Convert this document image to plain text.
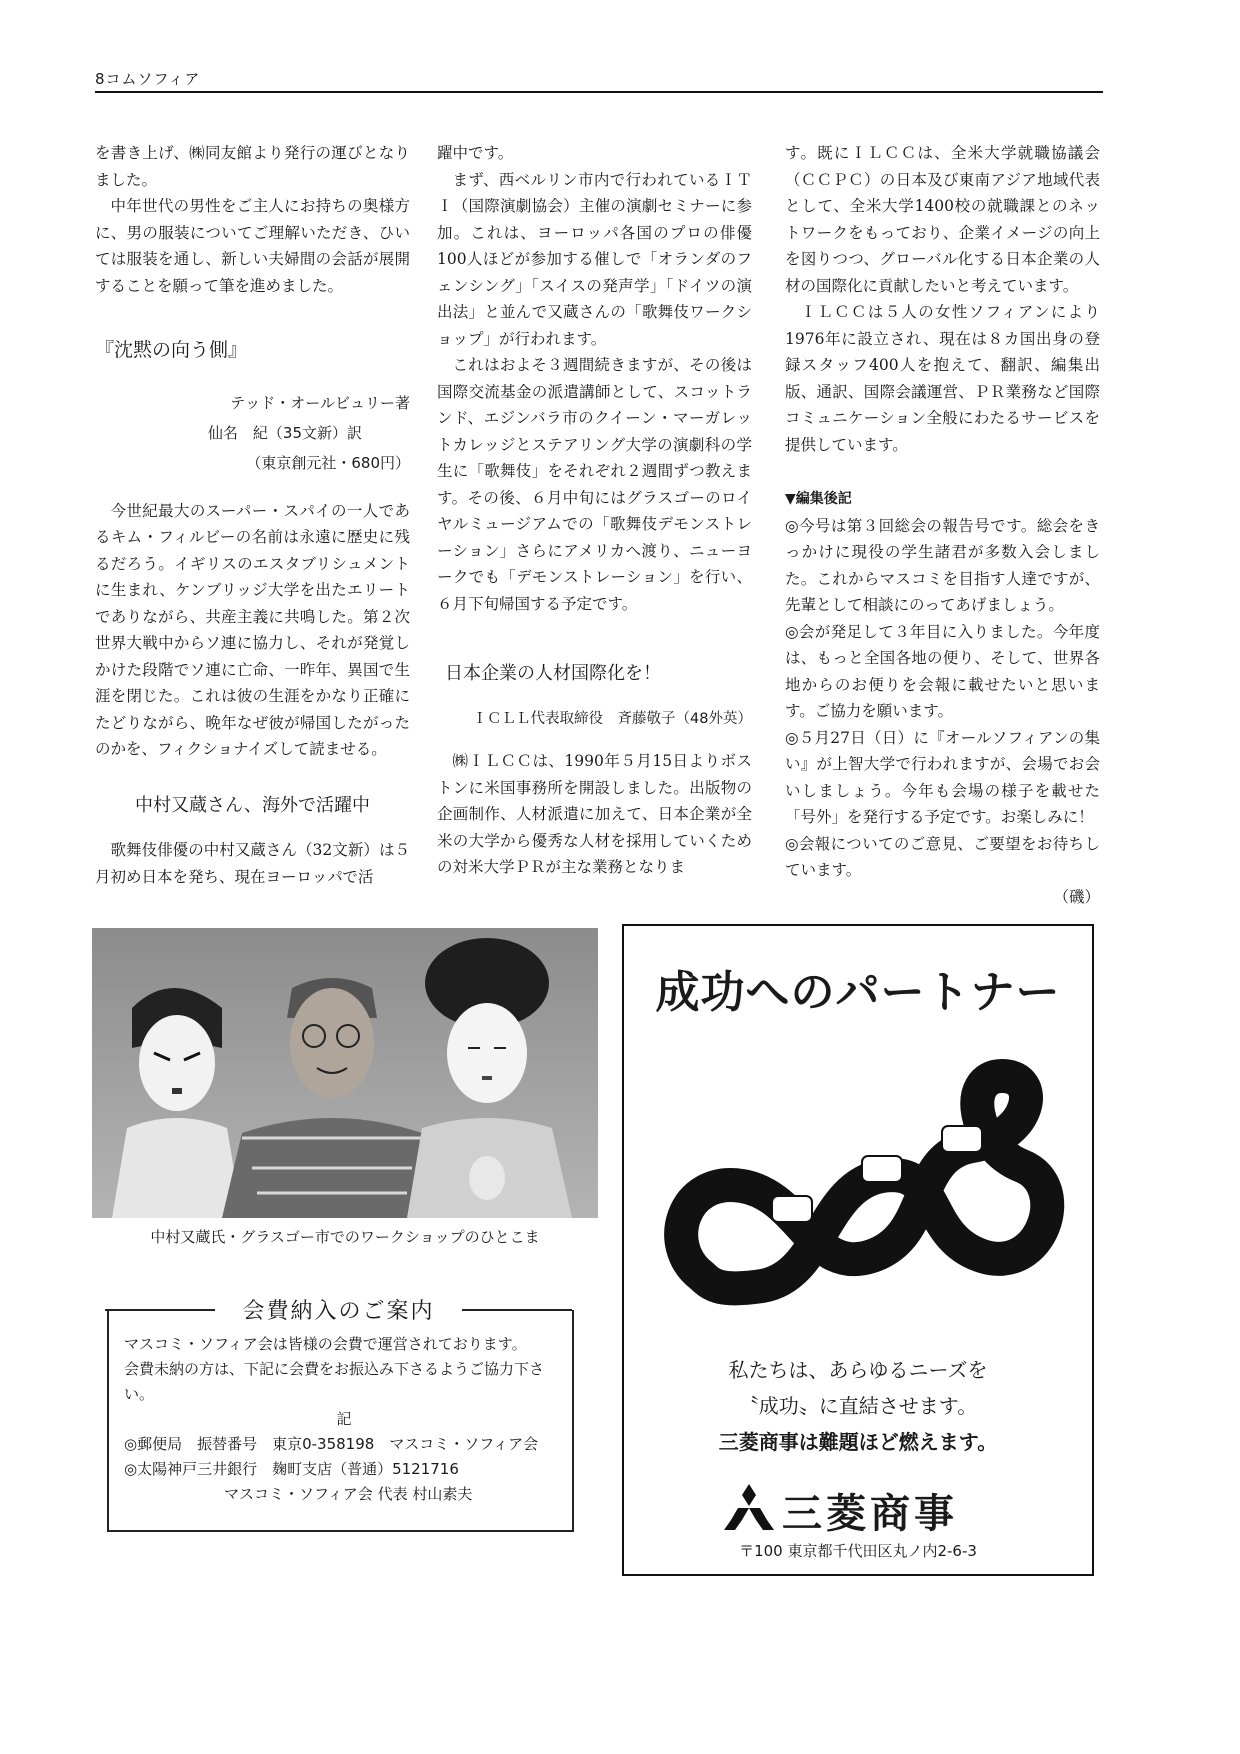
8コムソフィア

を書き上げ、㈱同友館より発行の運びとなりました。

中年世代の男性をご主人にお持ちの奥様方に、男の服装についてご理解いただき、ひいては服装を通し、新しい夫婦間の会話が展開することを願って筆を進めました。

『沈黙の向う側』
テッド・オールビュリー著
仙名　紀（35文新）訳
（東京創元社・680円）

今世紀最大のスーパー・スパイの一人であるキム・フィルビーの名前は永遠に歴史に残るだろう。イギリスのエスタブリシュメントに生まれ、ケンブリッジ大学を出たエリートでありながら、共産主義に共鳴した。第２次世界大戦中からソ連に協力し、それが発覚しかけた段階でソ連に亡命、一昨年、異国で生涯を閉じた。これは彼の生涯をかなり正確にたどりながら、晩年なぜ彼が帰国したがったのかを、フィクショナイズして読ませる。

中村又蔵さん、海外で活躍中

歌舞伎俳優の中村又蔵さん（32文新）は５月初め日本を発ち、現在ヨーロッパで活

躍中です。

まず、西ベルリン市内で行われているＩＴＩ（国際演劇協会）主催の演劇セミナーに参加。これは、ヨーロッパ各国のプロの俳優100人ほどが参加する催しで「オランダのフェンシング」「スイスの発声学」「ドイツの演出法」と並んで又蔵さんの「歌舞伎ワークショップ」が行われます。

これはおよそ３週間続きますが、その後は国際交流基金の派遣講師として、スコットランド、エジンバラ市のクイーン・マーガレットカレッジとステアリング大学の演劇科の学生に「歌舞伎」をそれぞれ２週間ずつ教えます。その後、６月中旬にはグラスゴーのロイヤルミュージアムでの「歌舞伎デモンストレーション」さらにアメリカへ渡り、ニューヨークでも「デモンストレーション」を行い、６月下旬帰国する予定です。

日本企業の人材国際化を！
ＩＣＬＬ代表取締役　斉藤敬子（48外英）

㈱ＩＬＣＣは、1990年５月15日よりボストンに米国事務所を開設しました。出版物の企画制作、人材派遣に加えて、日本企業が全米の大学から優秀な人材を採用していくための対米大学ＰＲが主な業務となりま

す。既にＩＬＣＣは、全米大学就職協議会（ＣＣＰＣ）の日本及び東南アジア地域代表として、全米大学1400校の就職課とのネットワークをもっており、企業イメージの向上を図りつつ、グローバル化する日本企業の人材の国際化に貢献したいと考えています。

ＩＬＣＣは５人の女性ソフィアンにより1976年に設立され、現在は８カ国出身の登録スタッフ400人を抱えて、翻訳、編集出版、通訳、国際会議運営、ＰＲ業務など国際コミュニケーション全般にわたるサービスを提供しています。

▼編集後記

◎今号は第３回総会の報告号です。総会をきっかけに現役の学生諸君が多数入会しました。これからマスコミを目指す人達ですが、先輩として相談にのってあげましょう。

◎会が発足して３年目に入りました。今年度は、もっと全国各地の便り、そして、世界各地からのお便りを会報に載せたいと思います。ご協力を願います。

◎５月27日（日）に『オールソフィアンの集い』が上智大学で行われますが、会場でお会いしましょう。今年も会場の様子を載せた「号外」を発行する予定です。お楽しみに！

◎会報についてのご意見、ご要望をお待ちしています。

（磯）

中村又蔵氏・グラスゴー市でのワークショップのひとこま
会費納入のご案内
マスコミ・ソフィア会は皆様の会費で運営されております。
会費未納の方は、下記に会費をお振込み下さるようご協力下さい。
記
◎郵便局　振替番号　東京0-358198　マスコミ・ソフィア会
◎太陽神戸三井銀行　麹町支店（普通）5121716
マスコミ・ソフィア会 代表 村山素夫
成功へのパートナー
私たちは、あらゆるニーズを
〝成功〟に直結させます。
三菱商事は難題ほど燃えます。
三菱商事
〒100 東京都千代田区丸ノ内2-6-3
